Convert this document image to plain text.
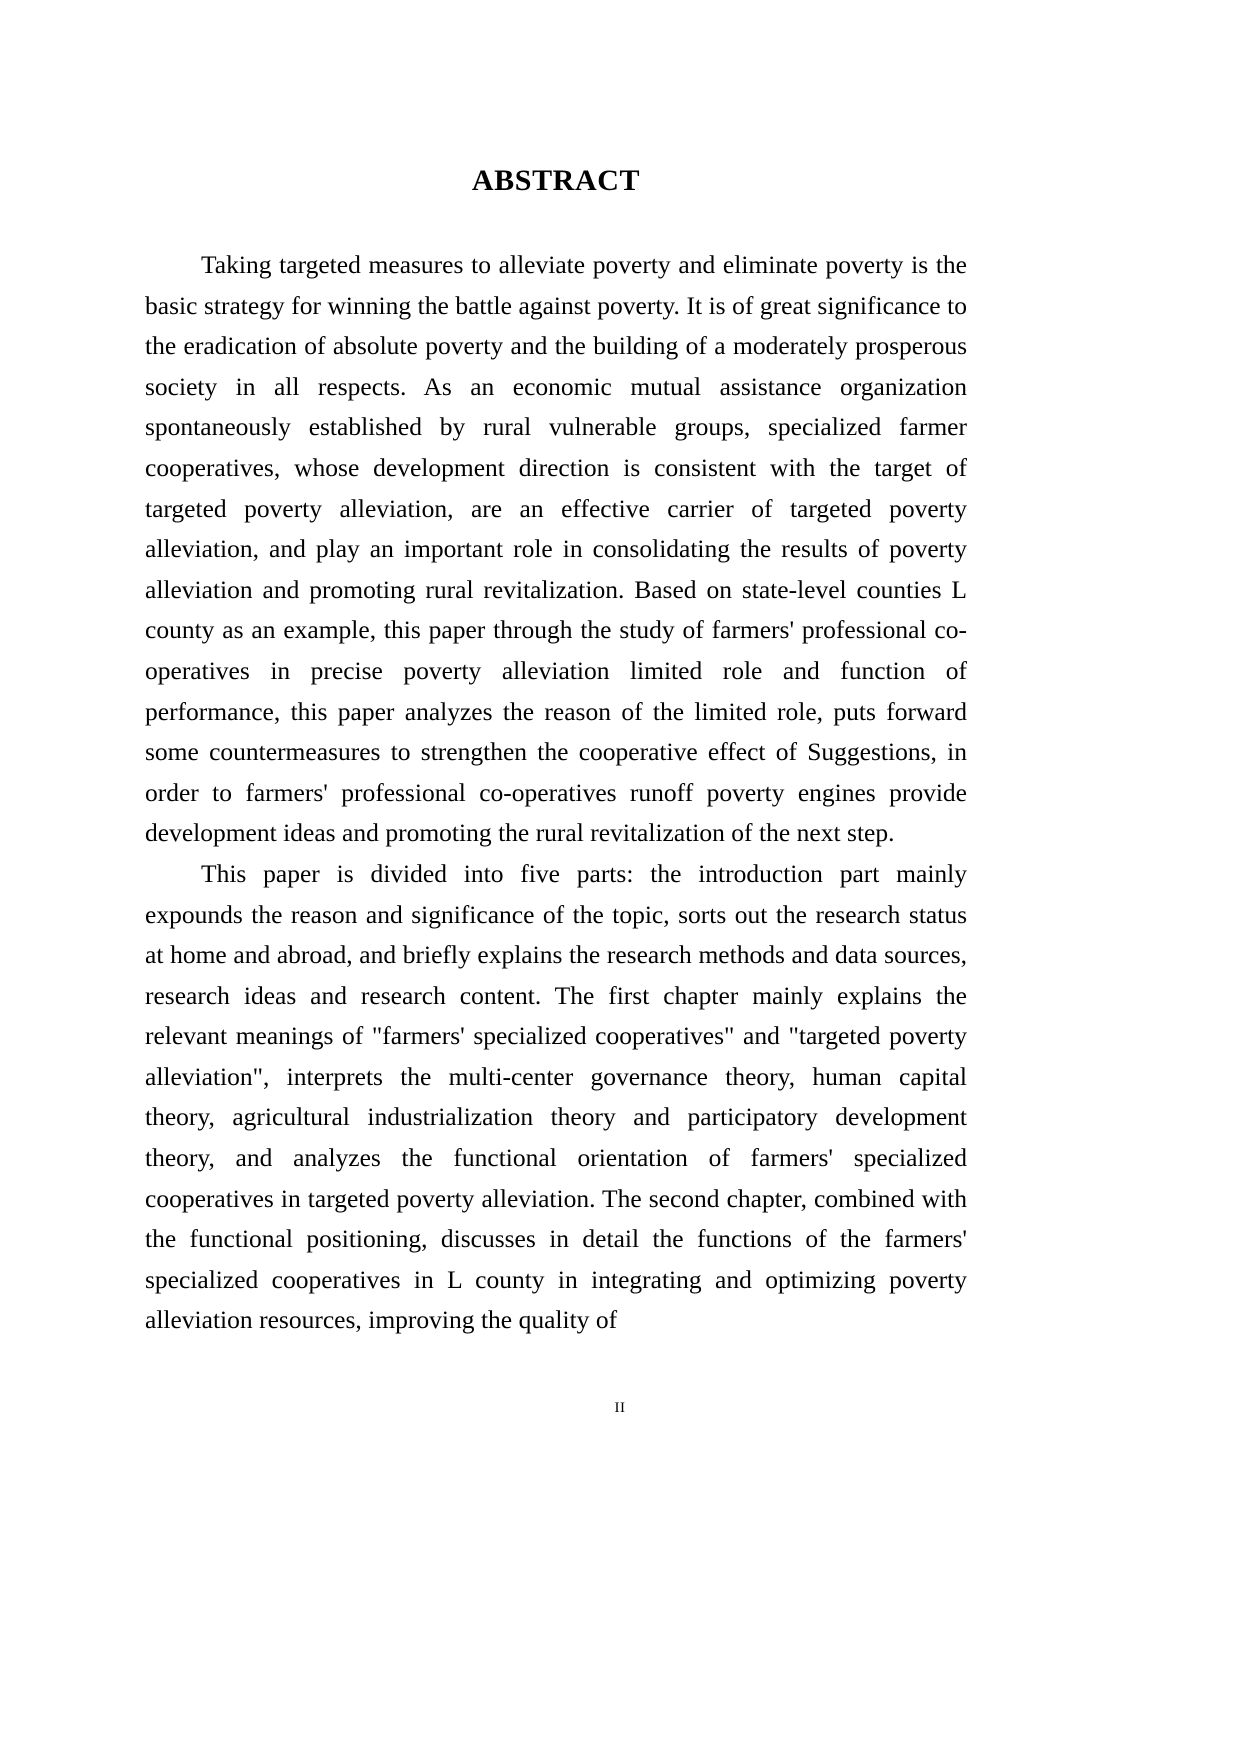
ABSTRACT

Taking targeted measures to alleviate poverty and eliminate poverty is the basic strategy for winning the battle against poverty. It is of great significance to the eradication of absolute poverty and the building of a moderately prosperous society in all respects. As an economic mutual assistance organization spontaneously established by rural vulnerable groups, specialized farmer cooperatives, whose development direction is consistent with the target of targeted poverty alleviation, are an effective carrier of targeted poverty alleviation, and play an important role in consolidating the results of poverty alleviation and promoting rural revitalization. Based on state-level counties L county as an example, this paper through the study of farmers' professional co-operatives in precise poverty alleviation limited role and function of performance, this paper analyzes the reason of the limited role, puts forward some countermeasures to strengthen the cooperative effect of Suggestions, in order to farmers' professional co-operatives runoff poverty engines provide development ideas and promoting the rural revitalization of the next step.

This paper is divided into five parts: the introduction part mainly expounds the reason and significance of the topic, sorts out the research status at home and abroad, and briefly explains the research methods and data sources, research ideas and research content. The first chapter mainly explains the relevant meanings of "farmers' specialized cooperatives" and "targeted poverty alleviation", interprets the multi-center governance theory, human capital theory, agricultural industrialization theory and participatory development theory, and analyzes the functional orientation of farmers' specialized cooperatives in targeted poverty alleviation. The second chapter, combined with the functional positioning, discusses in detail the functions of the farmers' specialized cooperatives in L county in integrating and optimizing poverty alleviation resources, improving the quality of

II
